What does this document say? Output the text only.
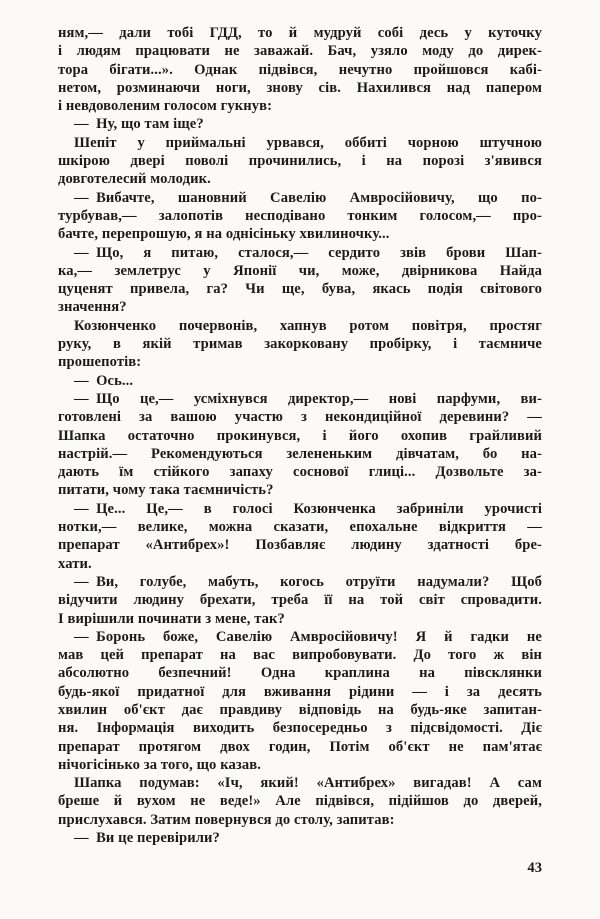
ням,— дали тобі ГДД, то й мудруй собі десь у куточку
і людям працювати не заважай. Бач, узяло моду до дирек-
тора бігати...». Однак підвівся, нечутно пройшовся кабі-
нетом, розминаючи ноги, знову сів. Нахилився над папером
і невдоволеним голосом гукнув:
— Ну, що там іще?
Шепіт у приймальні урвався, оббиті чорною штучною
шкірою двері поволі прочинились, і на порозі з'явився
довготелесий молодик.
— Вибачте, шановний Савелію Амвросійовичу, що по-
турбував,— залопотів несподівано тонким голосом,— про-
бачте, перепрошую, я на однісіньку хвилиночку...
— Що, я питаю, сталося,— сердито звів брови Шап-
ка,— землетрус у Японії чи, може, двірникова Найда
цуценят привела, га? Чи ще, бува, якась подія світового
значення?
Козюнченко почервонів, хапнув ротом повітря, простяг
руку, в якій тримав закорковану пробірку, і таємниче
прошепотів:
— Ось...
— Що це,— усміхнувся директор,— нові парфуми, ви-
готовлені за вашою участю з некондиційної деревини? —
Шапка остаточно прокинувся, і його охопив грайливий
настрій.— Рекомендуються зелененьким дівчатам, бо на-
дають їм стійкого запаху соснової глиці... Дозвольте за-
питати, чому така таємничість?
— Це... Це,— в голосі Козюнченка забриніли урочисті
нотки,— велике, можна сказати, епохальне відкриття —
препарат «Антибрех»! Позбавляє людину здатності бре-
хати.
— Ви, голубе, мабуть, когось отруїти надумали? Щоб
відучити людину брехати, треба її на той світ спровадити.
І вирішили починати з мене, так?
— Боронь боже, Савелію Амвросійовичу! Я й гадки не
мав цей препарат на вас випробовувати. До того ж він
абсолютно безпечний! Одна краплина на півсклянки
будь-якої придатної для вживання рідини — і за десять
хвилин об'єкт дає правдиву відповідь на будь-яке запитан-
ня. Інформація виходить безпосередньо з підсвідомості. Діє
препарат протягом двох годин, Потім об'єкт не пам'ятає
нічогісінько за того, що казав.
Шапка подумав: «Іч, який! «Антибрех» вигадав! А сам
бреше й вухом не веде!» Але підвівся, підійшов до дверей,
прислухався. Затим повернувся до столу, запитав:
— Ви це перевірили?
43
